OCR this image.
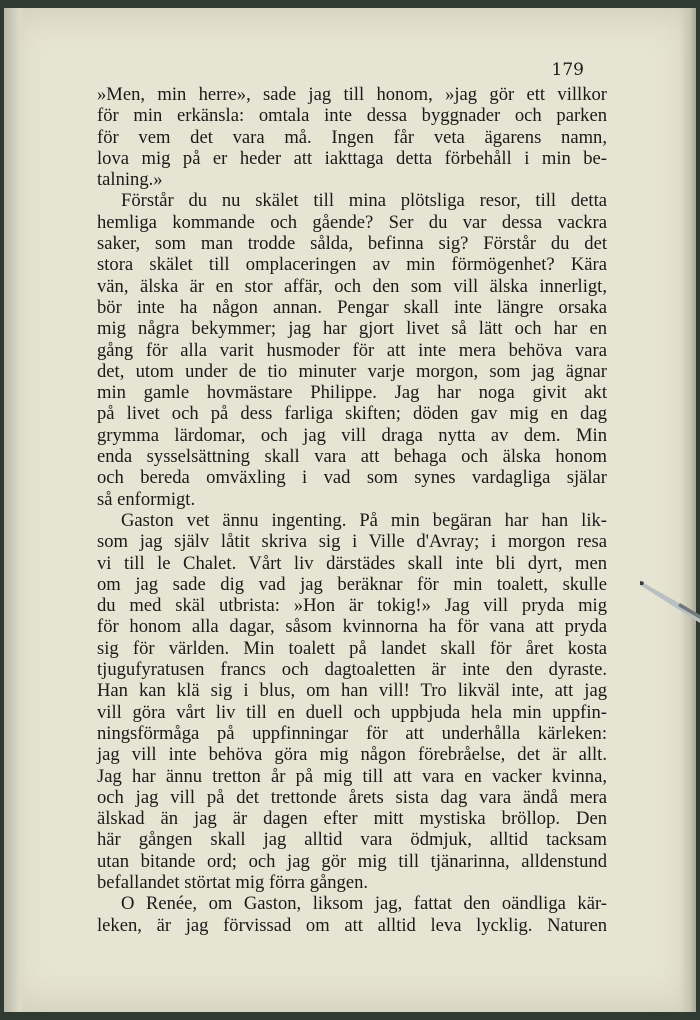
179
»Men, min herre», sade jag till honom, »jag gör ett villkor
för min erkänsla: omtala inte dessa byggnader och parken
för vem det vara må. Ingen får veta ägarens namn,
lova mig på er heder att iakttaga detta förbehåll i min be-
talning.»
Förstår du nu skälet till mina plötsliga resor, till detta
hemliga kommande och gående? Ser du var dessa vackra
saker, som man trodde sålda, befinna sig? Förstår du det
stora skälet till omplaceringen av min förmögenhet? Kära
vän, älska är en stor affär, och den som vill älska innerligt,
bör inte ha någon annan. Pengar skall inte längre orsaka
mig några bekymmer; jag har gjort livet så lätt och har en
gång för alla varit husmoder för att inte mera behöva vara
det, utom under de tio minuter varje morgon, som jag ägnar
min gamle hovmästare Philippe. Jag har noga givit akt
på livet och på dess farliga skiften; döden gav mig en dag
grymma lärdomar, och jag vill draga nytta av dem. Min
enda sysselsättning skall vara att behaga och älska honom
och bereda omväxling i vad som synes vardagliga själar
så enformigt.
Gaston vet ännu ingenting. På min begäran har han lik-
som jag själv låtit skriva sig i Ville d'Avray; i morgon resa
vi till le Chalet. Vårt liv därstädes skall inte bli dyrt, men
om jag sade dig vad jag beräknar för min toalett, skulle
du med skäl utbrista: »Hon är tokig!» Jag vill pryda mig
för honom alla dagar, såsom kvinnorna ha för vana att pryda
sig för världen. Min toalett på landet skall för året kosta
tjugufyratusen francs och dagtoaletten är inte den dyraste.
Han kan klä sig i blus, om han vill! Tro likväl inte, att jag
vill göra vårt liv till en duell och uppbjuda hela min uppfin-
ningsförmåga på uppfinningar för att underhålla kärleken:
jag vill inte behöva göra mig någon förebråelse, det är allt.
Jag har ännu tretton år på mig till att vara en vacker kvinna,
och jag vill på det trettonde årets sista dag vara ändå mera
älskad än jag är dagen efter mitt mystiska bröllop. Den
här gången skall jag alltid vara ödmjuk, alltid tacksam
utan bitande ord; och jag gör mig till tjänarinna, alldenstund
befallandet störtat mig förra gången.
O Renée, om Gaston, liksom jag, fattat den oändliga kär-
leken, är jag förvissad om att alltid leva lycklig. Naturen
